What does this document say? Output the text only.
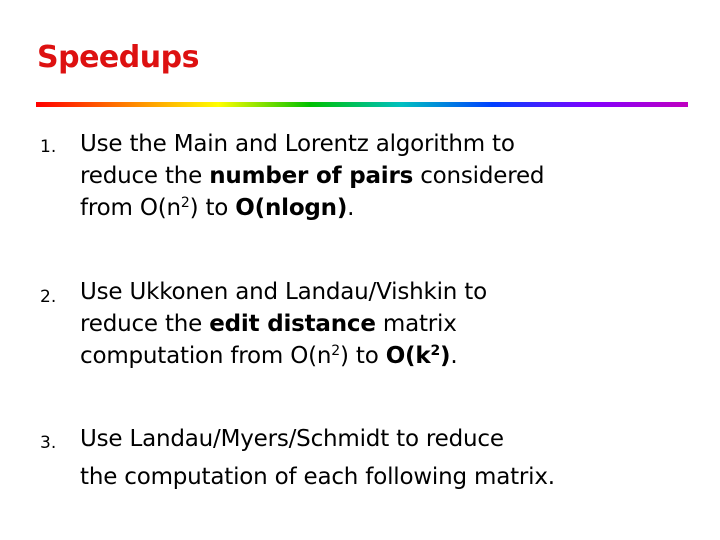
Speedups
1. Use the Main and Lorentz algorithm to
reduce the number of pairs considered
from $O(n^2)$ to O(nlogn).
2. Use Ukkonen and Landau/Vishkin to
reduce the edit distance matrix
computation from $O(n^2)$ to $O(k^2)$.
3. Use Landau/Myers/Schmidt to reduce
the computation of each following matrix.
